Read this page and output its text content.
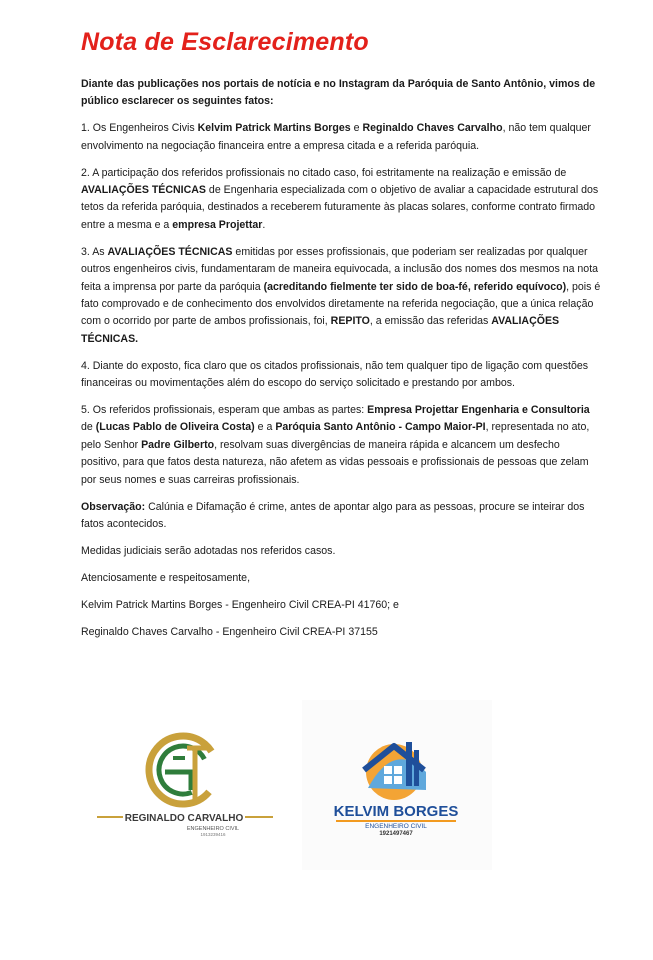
Nota de Esclarecimento

Diante das publicações nos portais de notícia e no Instagram da Paróquia de Santo Antônio, vimos de público esclarecer os seguintes fatos:

1. Os Engenheiros Civis Kelvim Patrick Martins Borges e Reginaldo Chaves Carvalho, não tem qualquer envolvimento na negociação financeira entre a empresa citada e a referida paróquia.

2. A participação dos referidos profissionais no citado caso, foi estritamente na realização e emissão de AVALIAÇÕES TÉCNICAS de Engenharia especializada com o objetivo de avaliar a capacidade estrutural dos tetos da referida paróquia, destinados a receberem futuramente às placas solares, conforme contrato firmado entre a mesma e a empresa Projettar.

3. As AVALIAÇÕES TÉCNICAS emitidas por esses profissionais, que poderiam ser realizadas por qualquer outros engenheiros civis, fundamentaram de maneira equivocada, a inclusão dos nomes dos mesmos na nota feita a imprensa por parte da paróquia (acreditando fielmente ter sido de boa-fé, referido equívoco), pois é fato comprovado e de conhecimento dos envolvidos diretamente na referida negociação, que a única relação com o ocorrido por parte de ambos profissionais, foi, REPITO, a emissão das referidas AVALIAÇÕES TÉCNICAS.

4. Diante do exposto, fica claro que os citados profissionais, não tem qualquer tipo de ligação com questões financeiras ou movimentações além do escopo do serviço solicitado e prestando por ambos.

5. Os referidos profissionais, esperam que ambas as partes: Empresa Projettar Engenharia e Consultoria de (Lucas Pablo de Oliveira Costa) e a Paróquia Santo Antônio - Campo Maior-PI, representada no ato, pelo Senhor Padre Gilberto, resolvam suas divergências de maneira rápida e alcancem um desfecho positivo, para que fatos desta natureza, não afetem as vidas pessoais e profissionais de pessoas que zelam por seus nomes e suas carreiras profissionais.

Observação: Calúnia e Difamação é crime, antes de apontar algo para as pessoas, procure se inteirar dos fatos acontecidos.

Medidas judiciais serão adotadas nos referidos casos.

Atenciosamente e respeitosamente,

Kelvim Patrick Martins Borges - Engenheiro Civil CREA-PI 41760; e

Reginaldo Chaves Carvalho - Engenheiro Civil CREA-PI 37155

REGINALDO CARVALHO
ENGENHEIRO CIVIL
1913239416
KELVIM BORGES
ENGENHEIRO CIVIL
1921497467
